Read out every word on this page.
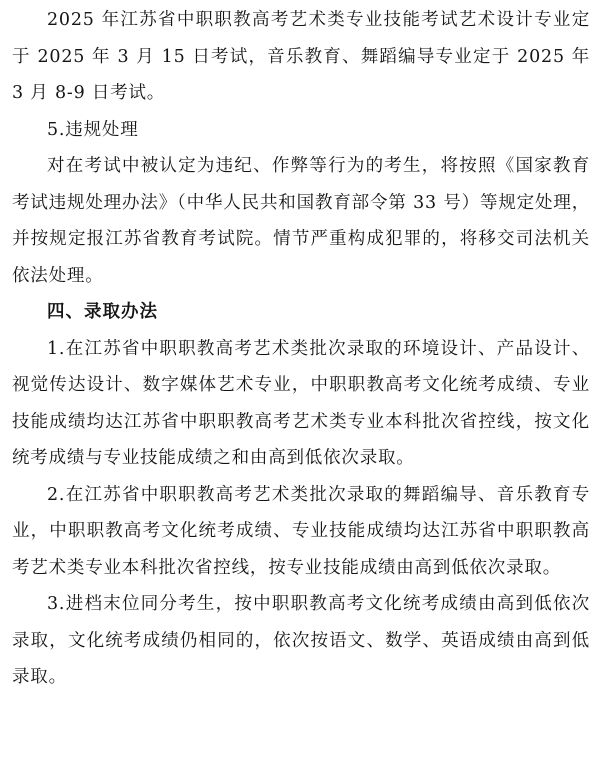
2025 年江苏省中职职教高考艺术类专业技能考试艺术设计专业定于 2025 年 3 月 15 日考试，音乐教育、舞蹈编导专业定于 2025 年 3 月 8-9 日考试。

5.违规处理

对在考试中被认定为违纪、作弊等行为的考生，将按照《国家教育考试违规处理办法》（中华人民共和国教育部令第 33 号）等规定处理，并按规定报江苏省教育考试院。情节严重构成犯罪的，将移交司法机关依法处理。

四、录取办法

1.在江苏省中职职教高考艺术类批次录取的环境设计、产品设计、视觉传达设计、数字媒体艺术专业，中职职教高考文化统考成绩、专业技能成绩均达江苏省中职职教高考艺术类专业本科批次省控线，按文化统考成绩与专业技能成绩之和由高到低依次录取。

2.在江苏省中职职教高考艺术类批次录取的舞蹈编导、音乐教育专业，中职职教高考文化统考成绩、专业技能成绩均达江苏省中职职教高考艺术类专业本科批次省控线，按专业技能成绩由高到低依次录取。

3.进档末位同分考生，按中职职教高考文化统考成绩由高到低依次录取，文化统考成绩仍相同的，依次按语文、数学、英语成绩由高到低录取。
